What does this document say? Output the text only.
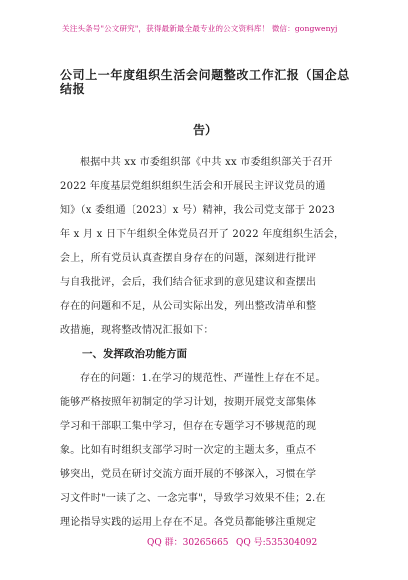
关注头条号"公文研究"，获得最新最全最专业的公文资料库！ 微信：gongwenyj
公司上一年度组织生活会问题整改工作汇报（国企总结报
告）
根据中共 xx 市委组织部《中共 xx 市委组织部关于召开
2022 年度基层党组织组织生活会和开展民主评议党员的通
知》（x 委组通〔2023〕x 号）精神，我公司党支部于 2023
年 x 月 x 日下午组织全体党员召开了 2022 年度组织生活会，
会上，所有党员认真查摆自身存在的问题，深刻进行批评
与自我批评，会后，我们结合征求到的意见建议和查摆出
存在的问题和不足，从公司实际出发，列出整改清单和整
改措施，现将整改情况汇报如下：
一、发挥政治功能方面
存在的问题：1.在学习的规范性、严谨性上存在不足。
能够严格按照年初制定的学习计划，按期开展党支部集体
学习和干部职工集中学习，但存在专题学习不够规范的现
象。比如有时组织支部学习时一次定的主题太多，重点不
够突出，党员在研讨交流方面开展的不够深入，习惯在学
习文件时"一读了之、一念完事"，导致学习效果不佳；2.在
理论指导实践的运用上存在不足。各党员都能够注重规定
QQ 群：30265665 QQ 号:535304092
